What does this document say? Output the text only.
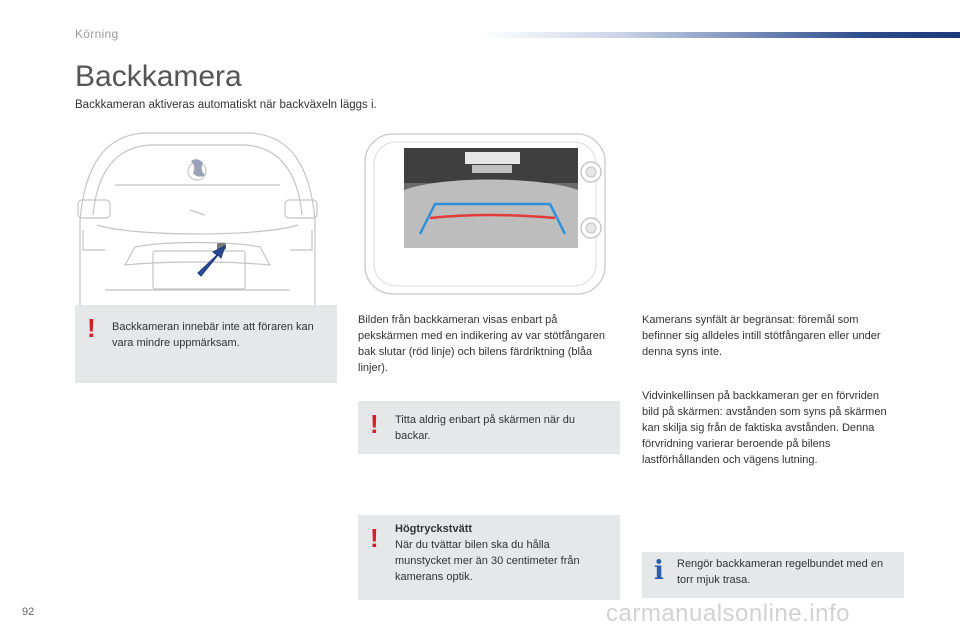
Körning
Backkamera
Backkameran aktiveras automatiskt när backväxeln läggs i.
! Backkameran innebär inte att föraren kan vara mindre uppmärksam.
Bilden från backkameran visas enbart på pekskärmen med en indikering av var stötfångaren bak slutar (röd linje) och bilens färdriktning (blåa linjer).
! Titta aldrig enbart på skärmen när du backar.
! Högtryckstvätt
När du tvättar bilen ska du hålla munstycket mer än 30 centimeter från kamerans optik.
Kamerans synfält är begränsat: föremål som befinner sig alldeles intill stötfångaren eller under denna syns inte.
Vidvinkellinsen på backkameran ger en förvriden bild på skärmen: avstånden som syns på skärmen kan skilja sig från de faktiska avstånden. Denna förvridning varierar beroende på bilens lastförhållanden och vägens lutning.
i Rengör backkameran regelbundet med en torr mjuk trasa.
92	carmanualsonline.info
